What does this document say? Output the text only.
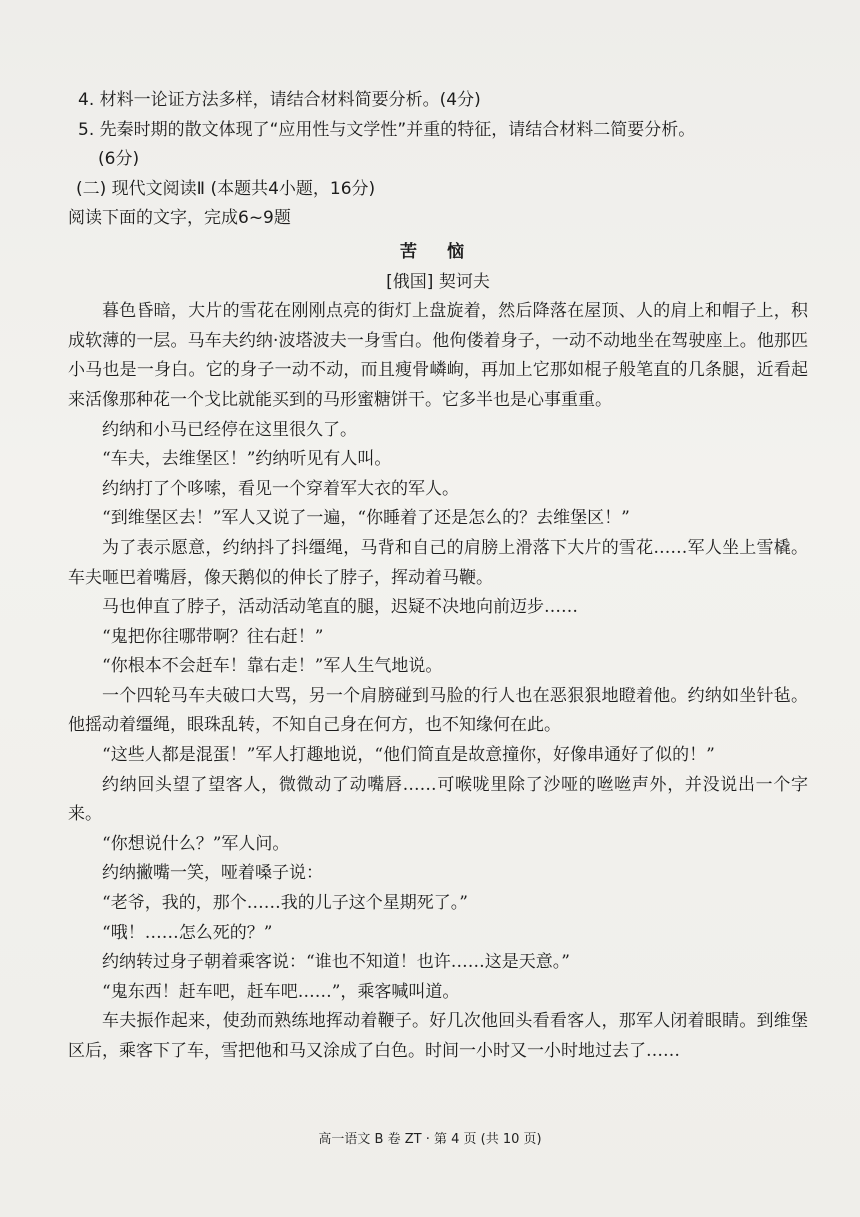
4. 材料一论证方法多样，请结合材料简要分析。(4分)

5. 先秦时期的散文体现了“应用性与文学性”并重的特征，请结合材料二简要分析。

(6分)

(二) 现代文阅读Ⅱ (本题共4小题，16分)

阅读下面的文字，完成6~9题

苦 恼

[俄国] 契诃夫

暮色昏暗，大片的雪花在刚刚点亮的街灯上盘旋着，然后降落在屋顶、人的肩上和帽子上，积成软薄的一层。马车夫约纳·波塔波夫一身雪白。他佝偻着身子，一动不动地坐在驾驶座上。他那匹小马也是一身白。它的身子一动不动，而且瘦骨嶙峋，再加上它那如棍子般笔直的几条腿，近看起来活像那种花一个戈比就能买到的马形蜜糖饼干。它多半也是心事重重。

约纳和小马已经停在这里很久了。

“车夫，去维堡区！”约纳听见有人叫。

约纳打了个哆嗦，看见一个穿着军大衣的军人。

“到维堡区去！”军人又说了一遍，“你睡着了还是怎么的？去维堡区！”

为了表示愿意，约纳抖了抖缰绳，马背和自己的肩膀上滑落下大片的雪花……军人坐上雪橇。车夫咂巴着嘴唇，像天鹅似的伸长了脖子，挥动着马鞭。

马也伸直了脖子，活动活动笔直的腿，迟疑不决地向前迈步……

“鬼把你往哪带啊？往右赶！”

“你根本不会赶车！靠右走！”军人生气地说。

一个四轮马车夫破口大骂，另一个肩膀碰到马脸的行人也在恶狠狠地瞪着他。约纳如坐针毡。他摇动着缰绳，眼珠乱转，不知自己身在何方，也不知缘何在此。

“这些人都是混蛋！”军人打趣地说，“他们简直是故意撞你，好像串通好了似的！”

约纳回头望了望客人，微微动了动嘴唇……可喉咙里除了沙哑的咝咝声外，并没说出一个字来。

“你想说什么？”军人问。

约纳撇嘴一笑，哑着嗓子说：

“老爷，我的，那个……我的儿子这个星期死了。”

“哦！……怎么死的？”

约纳转过身子朝着乘客说：“谁也不知道！也许……这是天意。”

“鬼东西！赶车吧，赶车吧……”，乘客喊叫道。

车夫振作起来，使劲而熟练地挥动着鞭子。好几次他回头看看客人，那军人闭着眼睛。到维堡区后，乘客下了车，雪把他和马又涂成了白色。时间一小时又一小时地过去了……

高一语文 B 卷 ZT · 第 4 页 (共 10 页)
